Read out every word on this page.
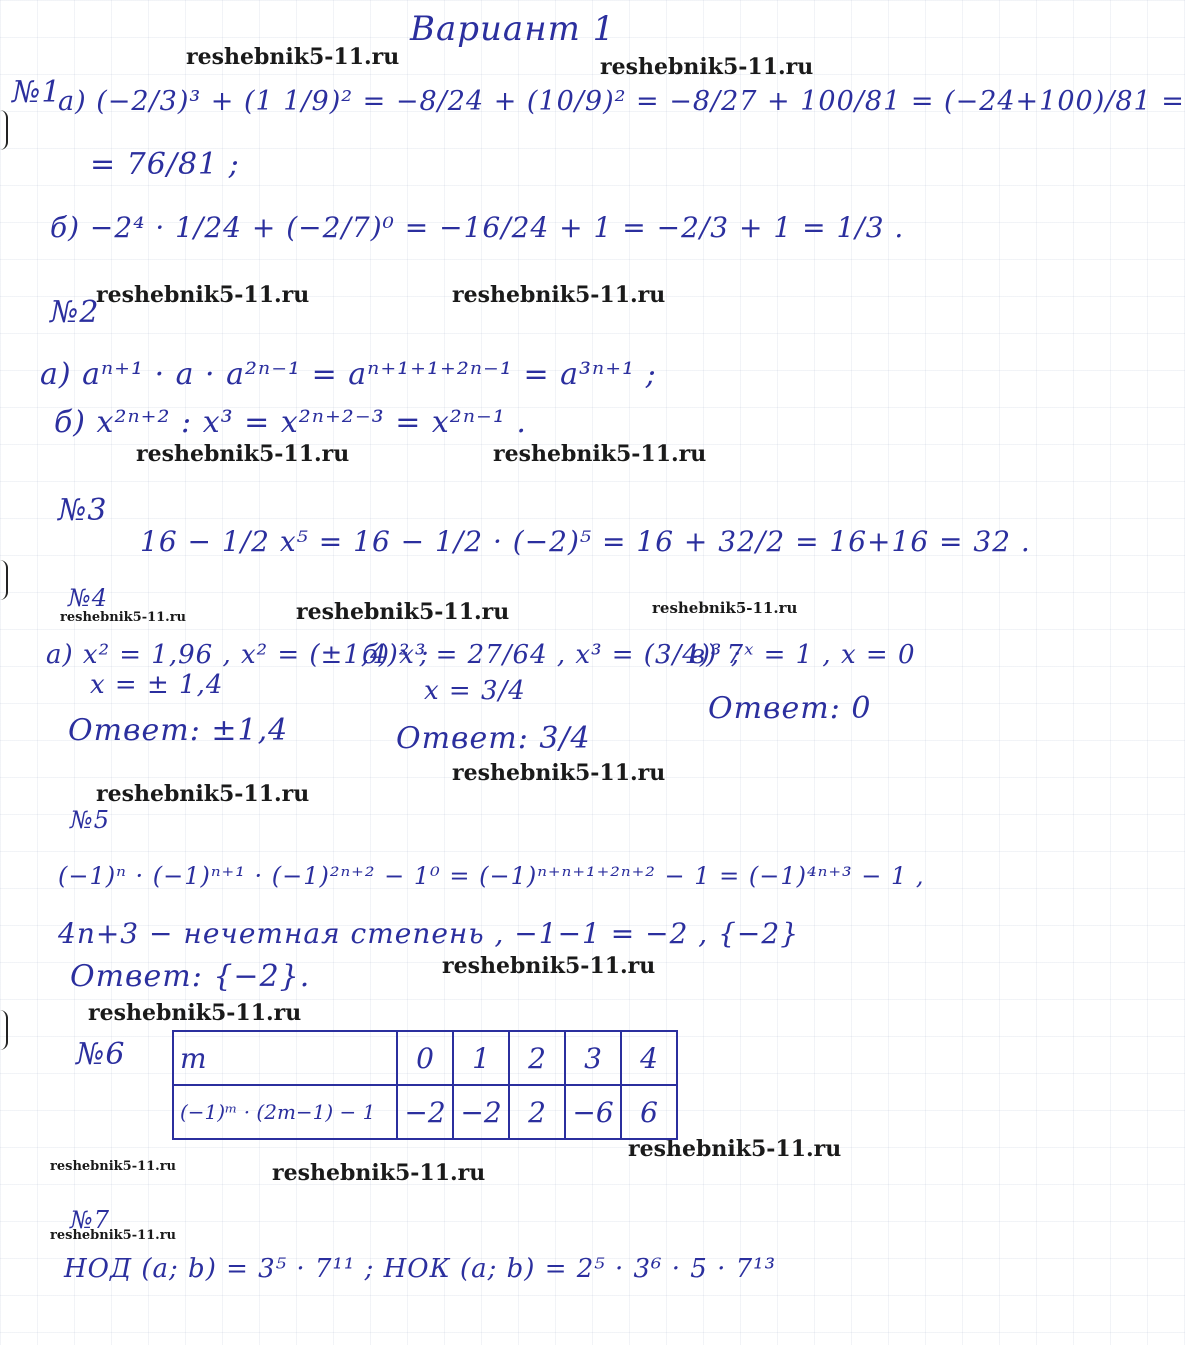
Вариант 1
reshebnik5-11.ru	reshebnik5-11.ru
reshebnik5-11.ru	reshebnik5-11.ru
reshebnik5-11.ru	reshebnik5-11.ru
reshebnik5-11.ru	reshebnik5-11.ru	reshebnik5-11.ru
reshebnik5-11.ru
reshebnik5-11.ru
reshebnik5-11.ru
reshebnik5-11.ru
reshebnik5-11.ru
reshebnik5-11.ru	reshebnik5-11.ru
reshebnik5-11.ru
№1
а) (−2/3)³ + (1 1/9)² = −8/24 + (10/9)² = −8/27 + 100/81 = (−24+100)/81 =
= 76/81 ;
б) −2⁴ · 1/24 + (−2/7)⁰ = −16/24 + 1 = −2/3 + 1 = 1/3 .
№2
а) aⁿ⁺¹ · a · a²ⁿ⁻¹ = aⁿ⁺¹⁺¹⁺²ⁿ⁻¹ = a³ⁿ⁺¹ ;
б) x²ⁿ⁺² : x³ = x²ⁿ⁺²⁻³ = x²ⁿ⁻¹ .
№3
16 − 1/2 x⁵ = 16 − 1/2 · (−2)⁵ = 16 + 32/2 = 16+16 = 32 .
№4
а) x² = 1,96 , x² = (±1,4)² ;
x = ± 1,4
Ответ: ±1,4
б) x³ = 27/64 , x³ = (3/4)³ ;
x = 3/4
Ответ: 3/4
в) 7ˣ = 1 , x = 0
Ответ: 0
№5
(−1)ⁿ · (−1)ⁿ⁺¹ · (−1)²ⁿ⁺² − 1⁰ = (−1)ⁿ⁺ⁿ⁺¹⁺²ⁿ⁺² − 1 = (−1)⁴ⁿ⁺³ − 1 ,
4n+3 − нечетная степень , −1−1 = −2 , {−2}
Ответ: {−2}.
№6 m	0	1	2	3	4
(−1)ᵐ · (2m−1) − 1	−2	−2	2	−6	6
№7
НОД (a; b) = 3⁵ · 7¹¹ ; НОК (a; b) = 2⁵ · 3⁶ · 5 · 7¹³
